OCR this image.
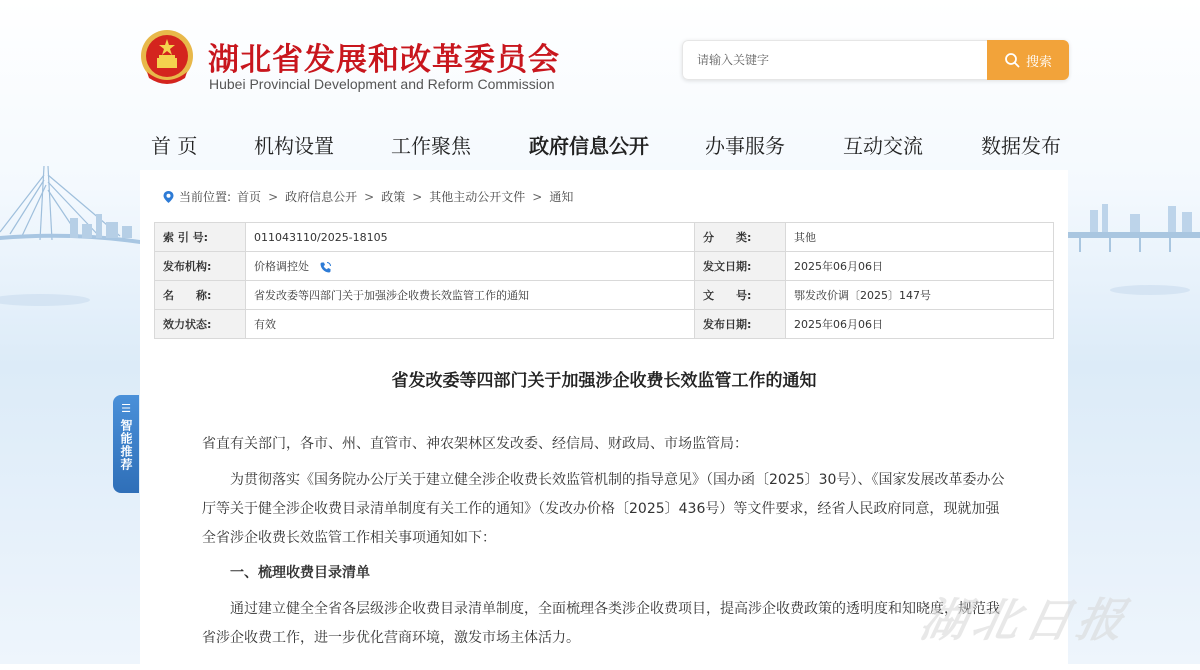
湖北省发展和改革委员会
Hubei Provincial Development and Reform Commission
请输入关键字
搜索
首 页	机构设置	工作聚焦	政府信息公开	办事服务	互动交流	数据发布
当前位置: 首页 > 政府信息公开 > 政策 > 其他主动公开文件 > 通知
索 引 号:	011043110/2025-18105	分　　类:	其他
发布机构:	价格调控处	发文日期:	2025年06月06日
名　　称:	省发改委等四部门关于加强涉企收费长效监管工作的通知	文　　号:	鄂发改价调〔2025〕147号
效力状态:	有效	发布日期:	2025年06月06日
省发改委等四部门关于加强涉企收费长效监管工作的通知

省直有关部门，各市、州、直管市、神农架林区发改委、经信局、财政局、市场监管局：

为贯彻落实《国务院办公厅关于建立健全涉企收费长效监管机制的指导意见》（国办函〔2025〕30号）、《国家发展改革委办公厅等关于健全涉企收费目录清单制度有关工作的通知》（发改办价格〔2025〕436号）等文件要求，经省人民政府同意，现就加强全省涉企收费长效监管工作相关事项通知如下：

一、梳理收费目录清单

通过建立健全全省各层级涉企收费目录清单制度，全面梳理各类涉企收费项目，提高涉企收费政策的透明度和知晓度，规范我省涉企收费工作，进一步优化营商环境，激发市场主体活力。

☰
智能推荐
湖北日报
